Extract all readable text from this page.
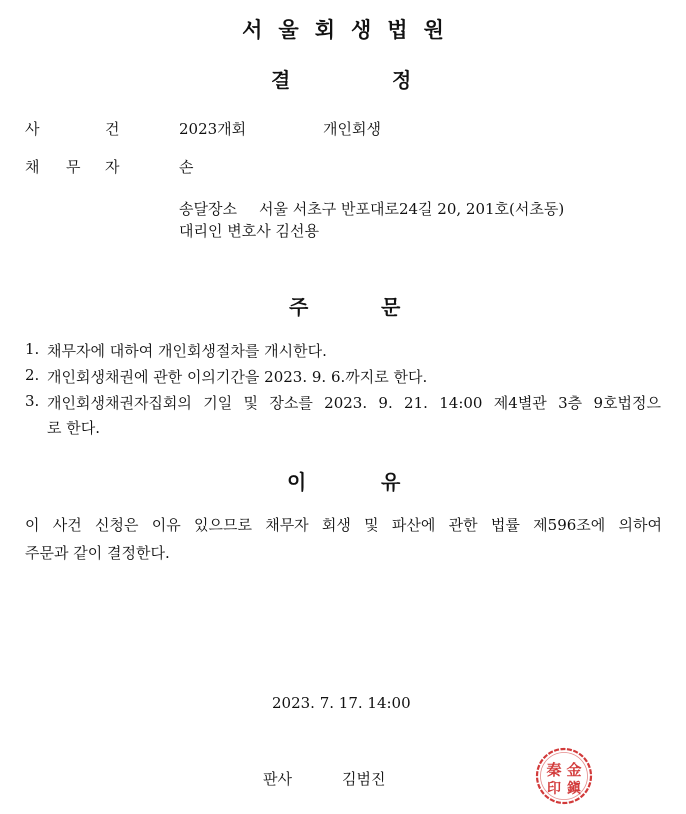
서울회생법원
결	정
사	건	2023개회	개인회생
채 무 자	손
송달장소 서울 서초구 반포대로24길 20, 201호(서초동)
대리인 변호사 김선용
주	문
1. 채무자에 대하여 개인회생절차를 개시한다.
2. 개인회생채권에 관한 이의기간을 2023. 9. 6.까지로 한다.
3. 개인회생채권자집회의 기일 및 장소를 2023. 9. 21. 14:00 제4별관 3층 9호법정으
로 한다.
이	유
이 사건 신청은 이유 있으므로 채무자 회생 및 파산에 관한 법률 제596조에 의하여
주문과 같이 결정한다.
2023. 7. 17. 14:00
판사	김범진	秦 金
印 鎭
